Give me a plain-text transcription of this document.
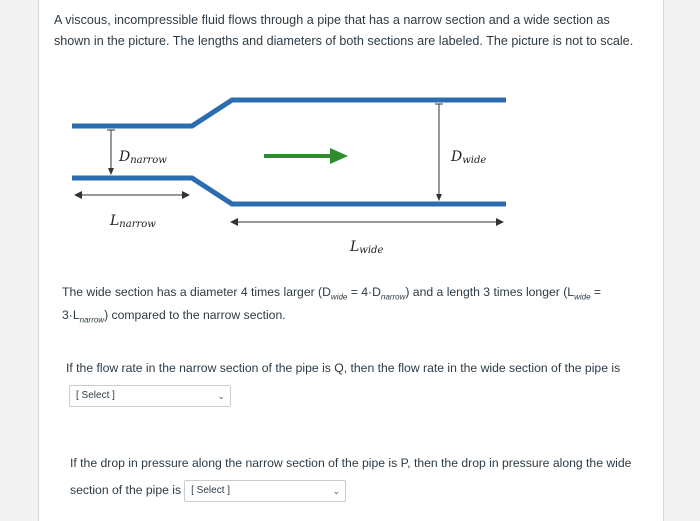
A viscous, incompressible fluid flows through a pipe that has a narrow section and a wide section as shown in the picture. The lengths and diameters of both sections are labeled. The picture is not to scale.

Dnarrow	Dwide
Lnarrow
Lwide

The wide section has a diameter 4 times larger $(D_{wide} = 4\cdot D_{narrow})$ and a length 3 times longer $(L_{wide} = 3\cdot L_{narrow})$ compared to the narrow section.

If the flow rate in the narrow section of the pipe is Q, then the flow rate in the wide section of the pipe is[ Select ]	⌄

If the drop in pressure along the narrow section of the pipe is P, then the drop in pressure along the wide section of the pipe is [ Select ]	⌄
